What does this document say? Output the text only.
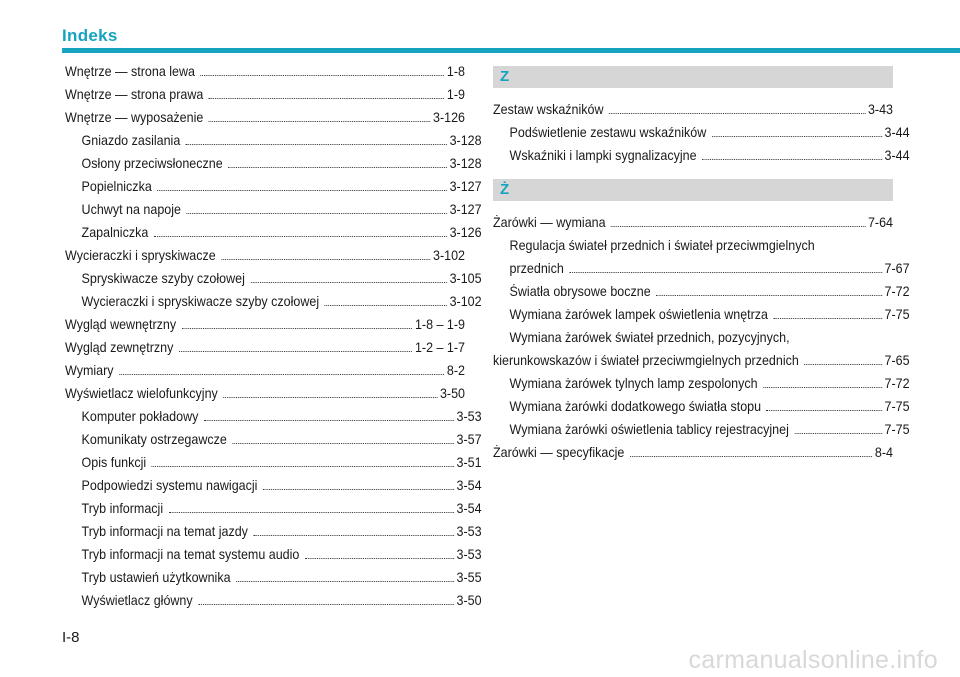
Indeks
Wnętrze — strona lewa	1-8
Wnętrze — strona prawa	1-9
Wnętrze — wyposażenie	3-126
Gniazdo zasilania	3-128
Osłony przeciwsłoneczne	3-128
Popielniczka	3-127
Uchwyt na napoje	3-127
Zapalniczka	3-126
Wycieraczki i spryskiwacze	3-102
Spryskiwacze szyby czołowej	3-105
Wycieraczki i spryskiwacze szyby czołowej	3-102
Wygląd wewnętrzny	1-8 – 1-9
Wygląd zewnętrzny	1-2 – 1-7
Wymiary	8-2
Wyświetlacz wielofunkcyjny	3-50
Komputer pokładowy	3-53
Komunikaty ostrzegawcze	3-57
Opis funkcji	3-51
Podpowiedzi systemu nawigacji	3-54
Tryb informacji	3-54
Tryb informacji na temat jazdy	3-53
Tryb informacji na temat systemu audio	3-53
Tryb ustawień użytkownika	3-55
Wyświetlacz główny	3-50
Z
Zestaw wskaźników	3-43
Podświetlenie zestawu wskaźników	3-44
Wskaźniki i lampki sygnalizacyjne	3-44
Ż
Żarówki — wymiana	7-64
Regulacja świateł przednich i świateł przeciwmgielnych
przednich	7-67
Światła obrysowe boczne	7-72
Wymiana żarówek lampek oświetlenia wnętrza	7-75
Wymiana żarówek świateł przednich, pozycyjnych,
kierunkowskazów i świateł przeciwmgielnych przednich	7-65
Wymiana żarówek tylnych lamp zespolonych	7-72
Wymiana żarówki dodatkowego światła stopu	7-75
Wymiana żarówki oświetlenia tablicy rejestracyjnej	7-75
Żarówki — specyfikacje	8-4
I-8
carmanualsonline.info
